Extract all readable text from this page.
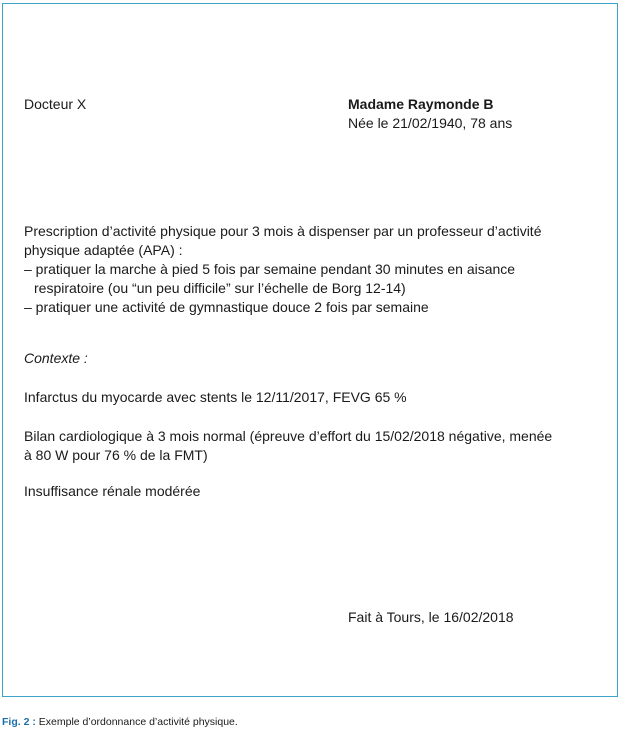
Docteur X	Madame Raymonde B
Née le 21/02/1940, 78 ans
Prescription d’activité physique pour 3 mois à dispenser par un professeur d’activité
physique adaptée (APA) :
– pratiquer la marche à pied 5 fois par semaine pendant 30 minutes en aisance
respiratoire (ou “un peu difficile” sur l’échelle de Borg 12-14)
– pratiquer une activité de gymnastique douce 2 fois par semaine
Contexte :
Infarctus du myocarde avec stents le 12/11/2017, FEVG 65 %
Bilan cardiologique à 3 mois normal (épreuve d’effort du 15/02/2018 négative, menée
à 80 W pour 76 % de la FMT)
Insuffisance rénale modérée
Fait à Tours, le 16/02/2018
Fig. 2 : Exemple d’ordonnance d’activité physique.
